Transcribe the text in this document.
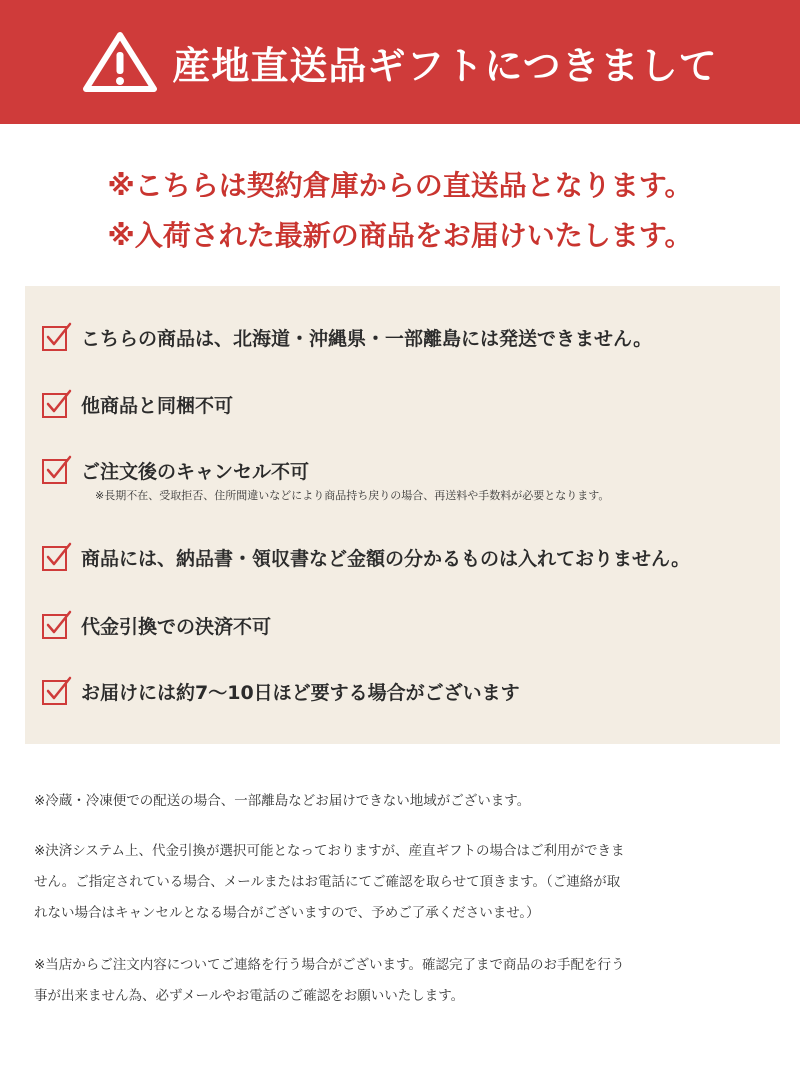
産地直送品ギフトにつきまして
※こちらは契約倉庫からの直送品となります。
※入荷された最新の商品をお届けいたします。
こちらの商品は、北海道・沖縄県・一部離島には発送できません。
他商品と同梱不可
ご注文後のキャンセル不可
※長期不在、受取拒否、住所間違いなどにより商品持ち戻りの場合、再送料や手数料が必要となります。
商品には、納品書・領収書など金額の分かるものは入れておりません。
代金引換での決済不可
お届けには約7〜10日ほど要する場合がございます

※冷蔵・冷凍便での配送の場合、一部離島などお届けできない地域がございます。

※決済システム上、代金引換が選択可能となっておりますが、産直ギフトの場合はご利用ができま

せん。ご指定されている場合、メールまたはお電話にてご確認を取らせて頂きます。（ご連絡が取

れない場合はキャンセルとなる場合がございますので、予めご了承くださいませ。）

※当店からご注文内容についてご連絡を行う場合がございます。確認完了まで商品のお手配を行う

事が出来ません為、必ずメールやお電話のご確認をお願いいたします。
